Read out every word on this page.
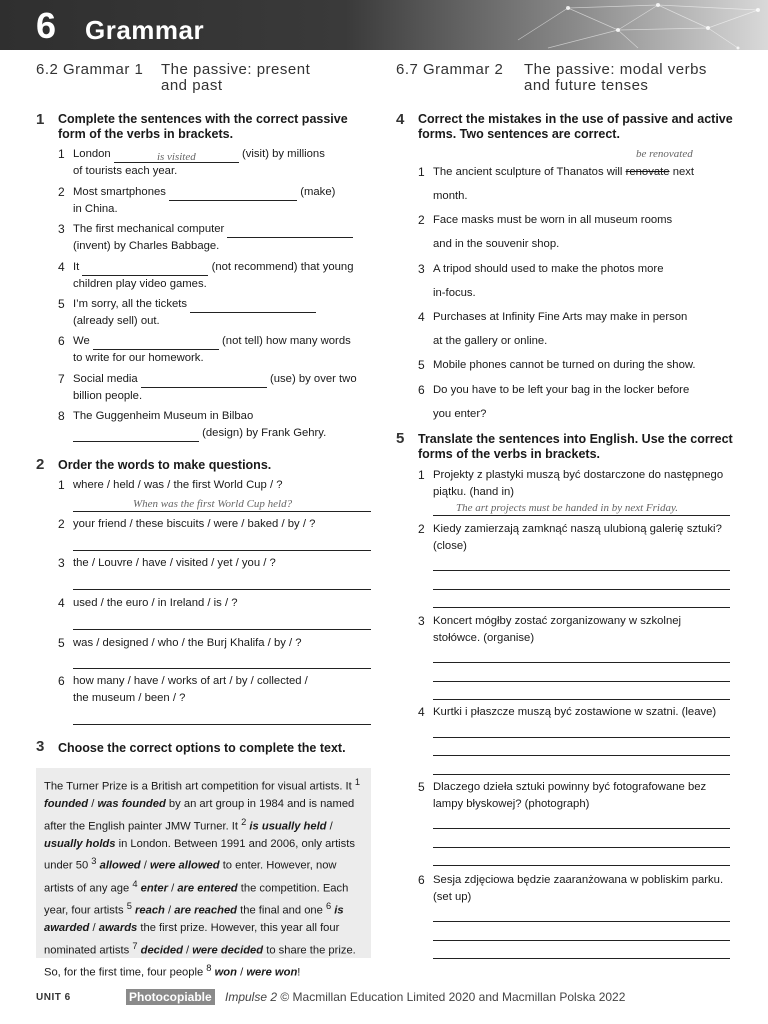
6 Grammar
6.2 Grammar 1 The passive: present
and past
1 Complete the sentences with the correct passive form of the verbs in brackets.
1 London	is visited	(visit) by millions
of tourists each year.
2 Most smartphones	(make)
in China.
3 The first mechanical computer
(invent) by Charles Babbage.
4 It	(not recommend) that young
children play video games.
5 I’m sorry, all the tickets
(already sell) out.
6 We	(not tell) how many words
to write for our homework.
7 Social media	(use) by over two
billion people.
8 The Guggenheim Museum in Bilbao
(design) by Frank Gehry.
2 Order the words to make questions.
1 where / held / was / the first World Cup / ?
When was the first World Cup held?
2 your friend / these biscuits / were / baked / by / ?
3 the / Louvre / have / visited / yet / you / ?
4 used / the euro / in Ireland / is / ?
5 was / designed / who / the Burj Khalifa / by / ?
6 how many / have / works of art / by / collected /
the museum / been / ?
3 Choose the correct options to complete the text.

The Turner Prize is a British art competition for visual artists. It $^1$ founded / was founded by an art group in 1984 and is named after the English painter JMW Turner. It $^2$ is usually held / usually holds in London. Between 1991 and 2006, only artists under 50 $^3$ allowed / were allowed to enter. However, now artists of any age $^4$ enter / are entered the competition. Each year, four artists $^5$ reach / are reached the final and one $^6$ is awarded / awards the first prize. However, this year all four nominated artists $^7$ decided / were decided to share the prize. So, for the first time, four people $^8$ won / were won!

6.7 Grammar 2 The passive: modal verbs
and future tenses
4 Correct the mistakes in the use of passive and active forms. Two sentences are correct.
be renovated
1 The ancient sculpture of Thanatos will renovate next
month.
2 Face masks must be worn in all museum rooms
and in the souvenir shop.
3 A tripod should used to make the photos more
in-focus.
4 Purchases at Infinity Fine Arts may make in person
at the gallery or online.
5 Mobile phones cannot be turned on during the show.
6 Do you have to be left your bag in the locker before
you enter?
5 Translate the sentences into English. Use the correct forms of the verbs in brackets.
1 Projekty z plastyki muszą być dostarczone do następnego
piątku. (hand in)
The art projects must be handed in by next Friday.
2 Kiedy zamierzają zamknąć naszą ulubioną galerię sztuki?
(close)
3 Koncert mógłby zostać zorganizowany w szkolnej
stołówce. (organise)
4 Kurtki i płaszcze muszą być zostawione w szatni. (leave)
5 Dlaczego dzieła sztuki powinny być fotografowane bez
lampy błyskowej? (photograph)
6 Sesja zdjęciowa będzie zaaranżowana w pobliskim parku.
(set up)
UNIT 6	Photocopiable Impulse 2 © Macmillan Education Limited 2020 and Macmillan Polska 2022
